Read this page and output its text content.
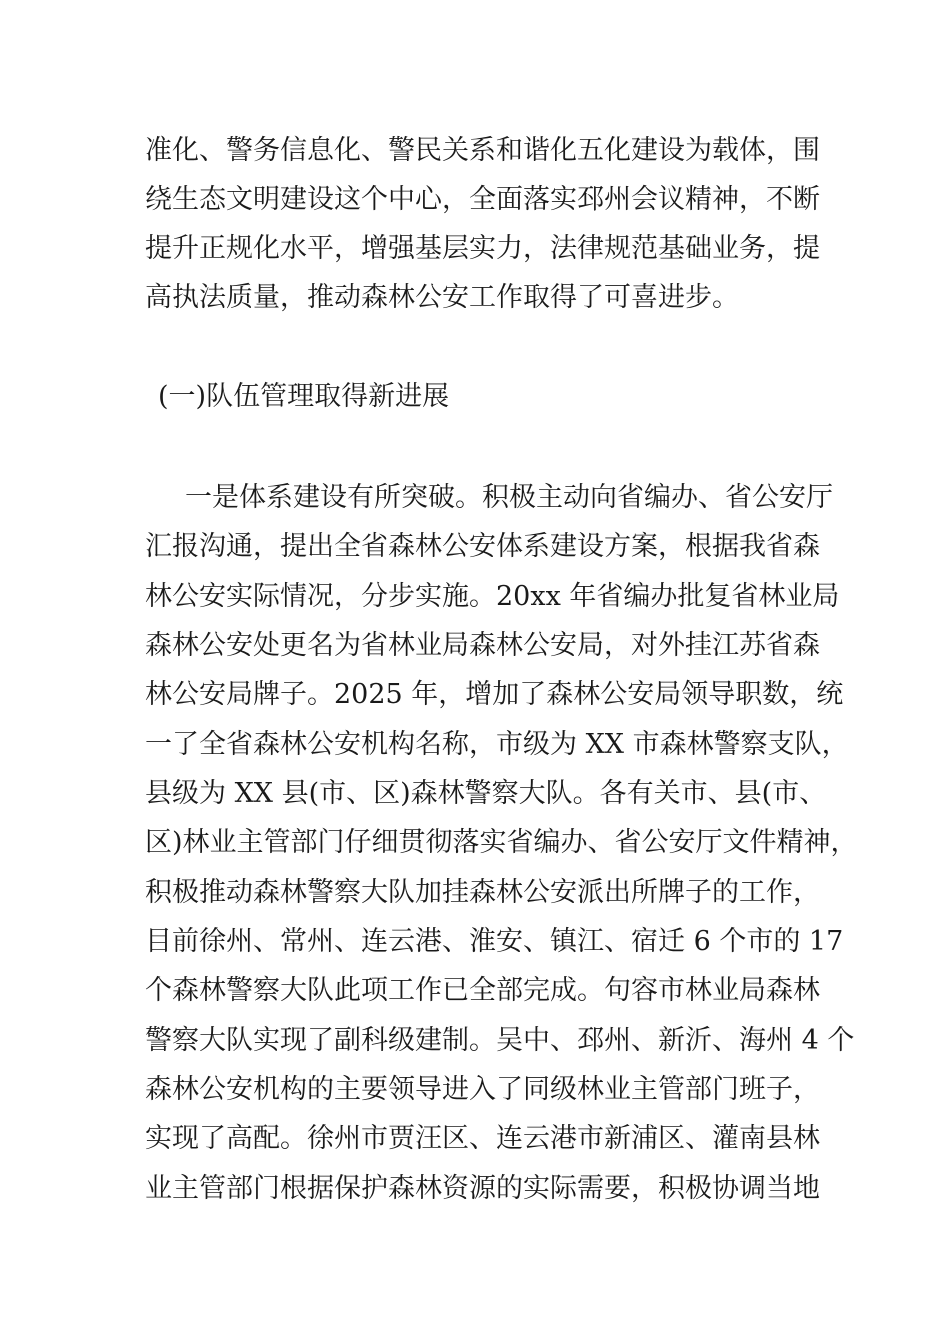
准化、警务信息化、警民关系和谐化五化建设为载体，围
绕生态文明建设这个中心，全面落实邳州会议精神，不断
提升正规化水平，增强基层实力，法律规范基础业务，提
高执法质量，推动森林公安工作取得了可喜进步。
(一)队伍管理取得新进展
一是体系建设有所突破。积极主动向省编办、省公安厅
汇报沟通，提出全省森林公安体系建设方案，根据我省森
林公安实际情况，分步实施。20xx 年省编办批复省林业局
森林公安处更名为省林业局森林公安局，对外挂江苏省森
林公安局牌子。2025 年，增加了森林公安局领导职数，统
一了全省森林公安机构名称，市级为 XX 市森林警察支队，
县级为 XX 县(市、区)森林警察大队。各有关市、县(市、
区)林业主管部门仔细贯彻落实省编办、省公安厅文件精神，
积极推动森林警察大队加挂森林公安派出所牌子的工作，
目前徐州、常州、连云港、淮安、镇江、宿迁 6 个市的 17
个森林警察大队此项工作已全部完成。句容市林业局森林
警察大队实现了副科级建制。吴中、邳州、新沂、海州 4 个
森林公安机构的主要领导进入了同级林业主管部门班子，
实现了高配。徐州市贾汪区、连云港市新浦区、灌南县林
业主管部门根据保护森林资源的实际需要，积极协调当地
